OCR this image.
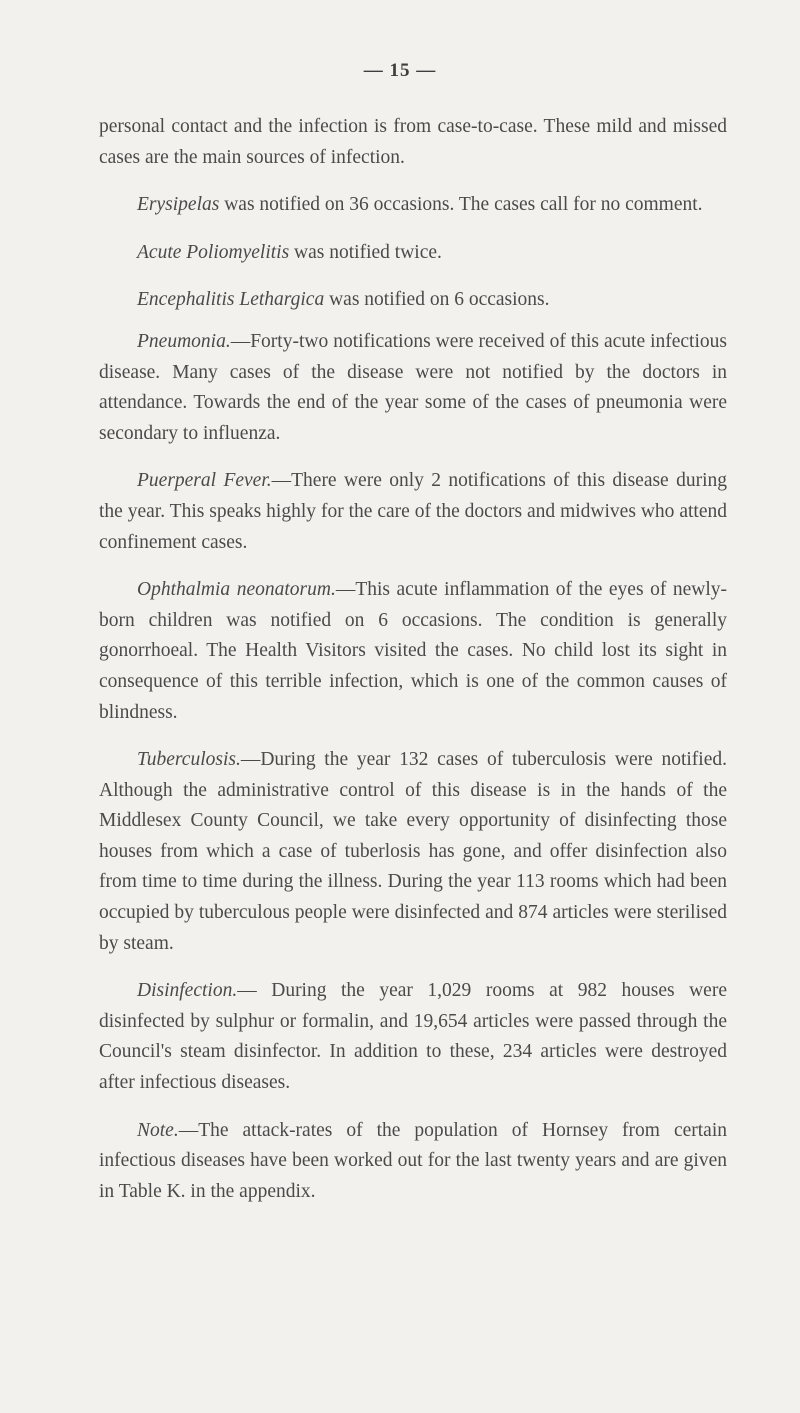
— 15 —

personal contact and the infection is from case-to-case. These mild and missed cases are the main sources of infection.

Erysipelas was notified on 36 occasions. The cases call for no comment.

Acute Poliomyelitis was notified twice.

Encephalitis Lethargica was notified on 6 occasions.

Pneumonia.—Forty-two notifications were received of this acute infectious disease. Many cases of the disease were not notified by the doctors in attendance. Towards the end of the year some of the cases of pneumonia were secondary to influenza.

Puerperal Fever.—There were only 2 notifications of this disease during the year. This speaks highly for the care of the doctors and midwives who attend confinement cases.

Ophthalmia neonatorum.—This acute inflammation of the eyes of newly-born children was notified on 6 occasions. The condition is generally gonorrhoeal. The Health Visitors visited the cases. No child lost its sight in consequence of this terrible infection, which is one of the common causes of blindness.

Tuberculosis.—During the year 132 cases of tuberculosis were notified. Although the administrative control of this disease is in the hands of the Middlesex County Council, we take every opportunity of disinfecting those houses from which a case of tuberlosis has gone, and offer disinfection also from time to time during the illness. During the year 113 rooms which had been occupied by tuberculous people were disinfected and 874 articles were sterilised by steam.

Disinfection.— During the year 1,029 rooms at 982 houses were disinfected by sulphur or formalin, and 19,654 articles were passed through the Council's steam disinfector. In addition to these, 234 articles were destroyed after infectious diseases.

Note.—The attack-rates of the population of Hornsey from certain infectious diseases have been worked out for the last twenty years and are given in Table K. in the appendix.
